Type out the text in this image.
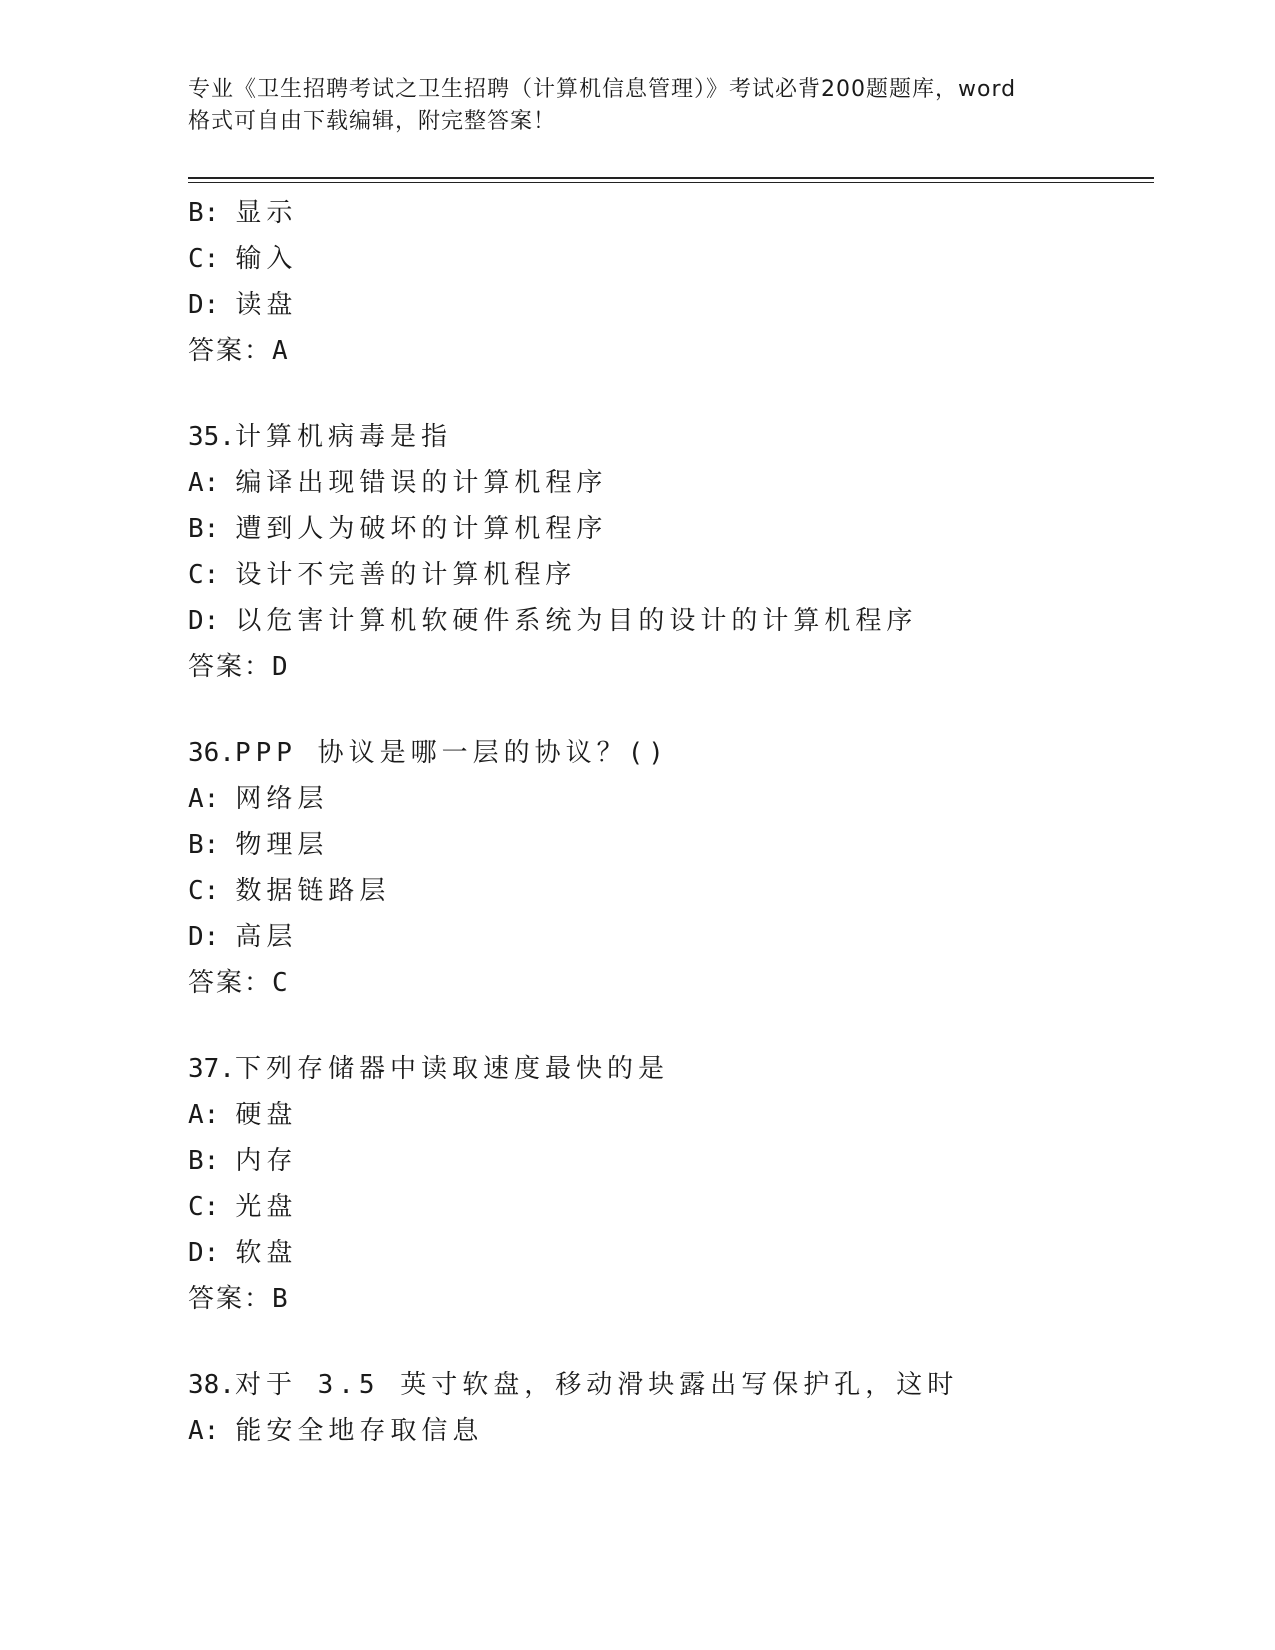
专业《卫生招聘考试之卫生招聘（计算机信息管理）》考试必背200题题库，word
格式可自由下载编辑，附完整答案！
B: 显示
C: 输入
D: 读盘
答案：A
35.计算机病毒是指
A: 编译出现错误的计算机程序
B: 遭到人为破坏的计算机程序
C: 设计不完善的计算机程序
D: 以危害计算机软硬件系统为目的设计的计算机程序
答案：D
36.PPP 协议是哪一层的协议？()
A: 网络层
B: 物理层
C: 数据链路层
D: 高层
答案：C
37.下列存储器中读取速度最快的是
A: 硬盘
B: 内存
C: 光盘
D: 软盘
答案：B
38.对于 3.5 英寸软盘，移动滑块露出写保护孔，这时
A: 能安全地存取信息
